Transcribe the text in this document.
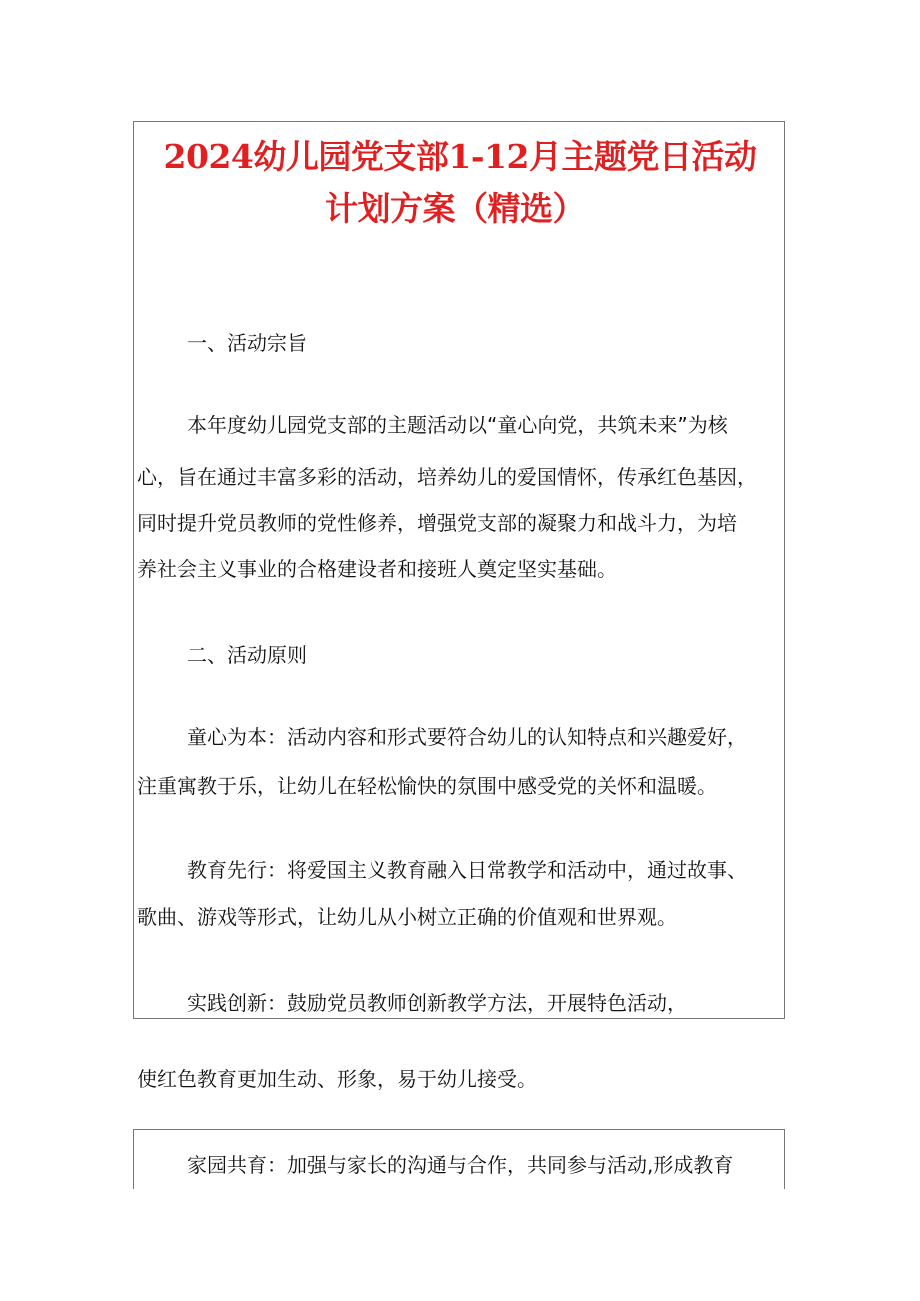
2024幼儿园党支部1-12月主题党日活动
计划方案（精选）

一、活动宗旨

本年度幼儿园党支部的主题活动以“童心向党，共筑未来”为核

心，旨在通过丰富多彩的活动，培养幼儿的爱国情怀，传承红色基因，

同时提升党员教师的党性修养，增强党支部的凝聚力和战斗力，为培

养社会主义事业的合格建设者和接班人奠定坚实基础。

二、活动原则

童心为本：活动内容和形式要符合幼儿的认知特点和兴趣爱好，

注重寓教于乐，让幼儿在轻松愉快的氛围中感受党的关怀和温暖。

教育先行：将爱国主义教育融入日常教学和活动中，通过故事、

歌曲、游戏等形式，让幼儿从小树立正确的价值观和世界观。

实践创新：鼓励党员教师创新教学方法，开展特色活动，

使红色教育更加生动、形象，易于幼儿接受。

家园共育：加强与家长的沟通与合作，共同参与活动,形成教育
